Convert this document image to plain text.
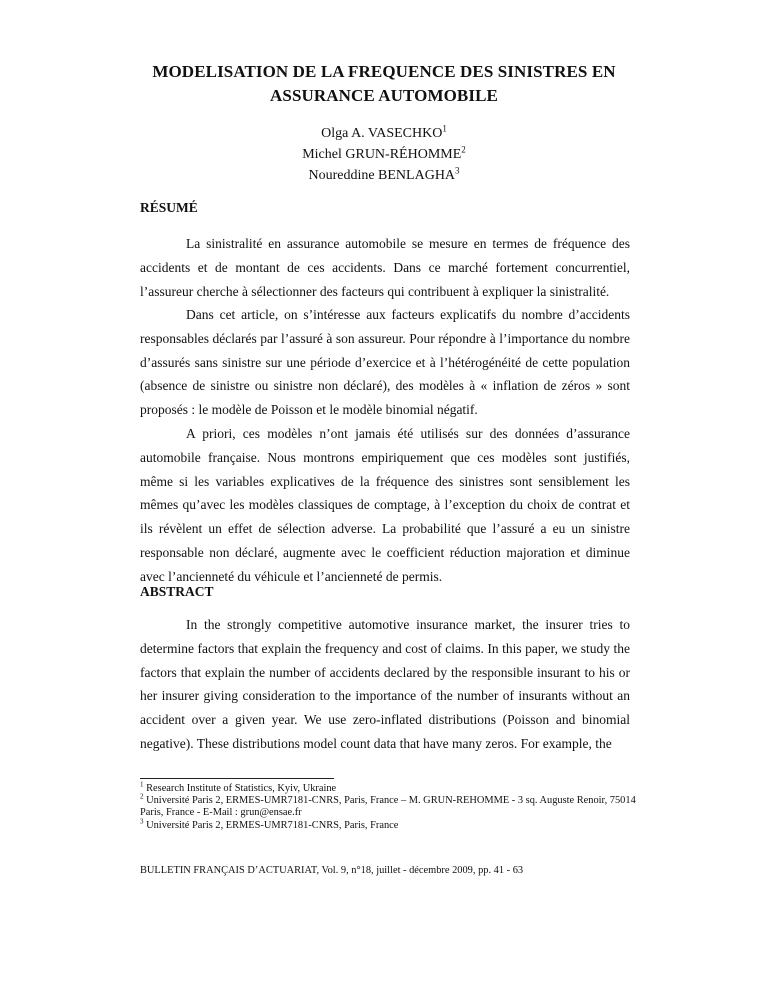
MODELISATION DE LA FREQUENCE DES SINISTRES EN ASSURANCE AUTOMOBILE
Olga A. VASECHKO$^1$
Michel GRUN-RÉHOMME$^2$
Noureddine BENLAGHA$^3$
RÉSUMÉ

La sinistralité en assurance automobile se mesure en termes de fréquence des accidents et de montant de ces accidents. Dans ce marché fortement concurrentiel, l’assureur cherche à sélectionner des facteurs qui contribuent à expliquer la sinistralité.

Dans cet article, on s’intéresse aux facteurs explicatifs du nombre d’accidents responsables déclarés par l’assuré à son assureur. Pour répondre à l’importance du nombre d’assurés sans sinistre sur une période d’exercice et à l’hétérogénéité de cette population (absence de sinistre ou sinistre non déclaré), des modèles à « inflation de zéros » sont proposés : le modèle de Poisson et le modèle binomial négatif.

A priori, ces modèles n’ont jamais été utilisés sur des données d’assurance automobile française. Nous montrons empiriquement que ces modèles sont justifiés, même si les variables explicatives de la fréquence des sinistres sont sensiblement les mêmes qu’avec les modèles classiques de comptage, à l’exception du choix de contrat et ils révèlent un effet de sélection adverse. La probabilité que l’assuré a eu un sinistre responsable non déclaré, augmente avec le coefficient réduction majoration et diminue avec l’ancienneté du véhicule et l’ancienneté de permis.

ABSTRACT

In the strongly competitive automotive insurance market, the insurer tries to determine factors that explain the frequency and cost of claims. In this paper, we study the factors that explain the number of accidents declared by the responsible insurant to his or her insurer giving consideration to the importance of the number of insurants without an accident over a given year. We use zero-inflated distributions (Poisson and binomial negative). These distributions model count data that have many zeros. For example, the

$^1$ Research Institute of Statistics, Kyiv, Ukraine

$^2$ Université Paris 2, ERMES-UMR7181-CNRS, Paris, France – M. GRUN-REHOMME - 3 sq. Auguste Renoir, 75014 Paris, France - E-Mail : grun@ensae.fr

$^3$ Université Paris 2, ERMES-UMR7181-CNRS, Paris, France

BULLETIN FRANÇAIS D’ACTUARIAT, Vol. 9, n°18, juillet - décembre 2009, pp. 41 - 63
